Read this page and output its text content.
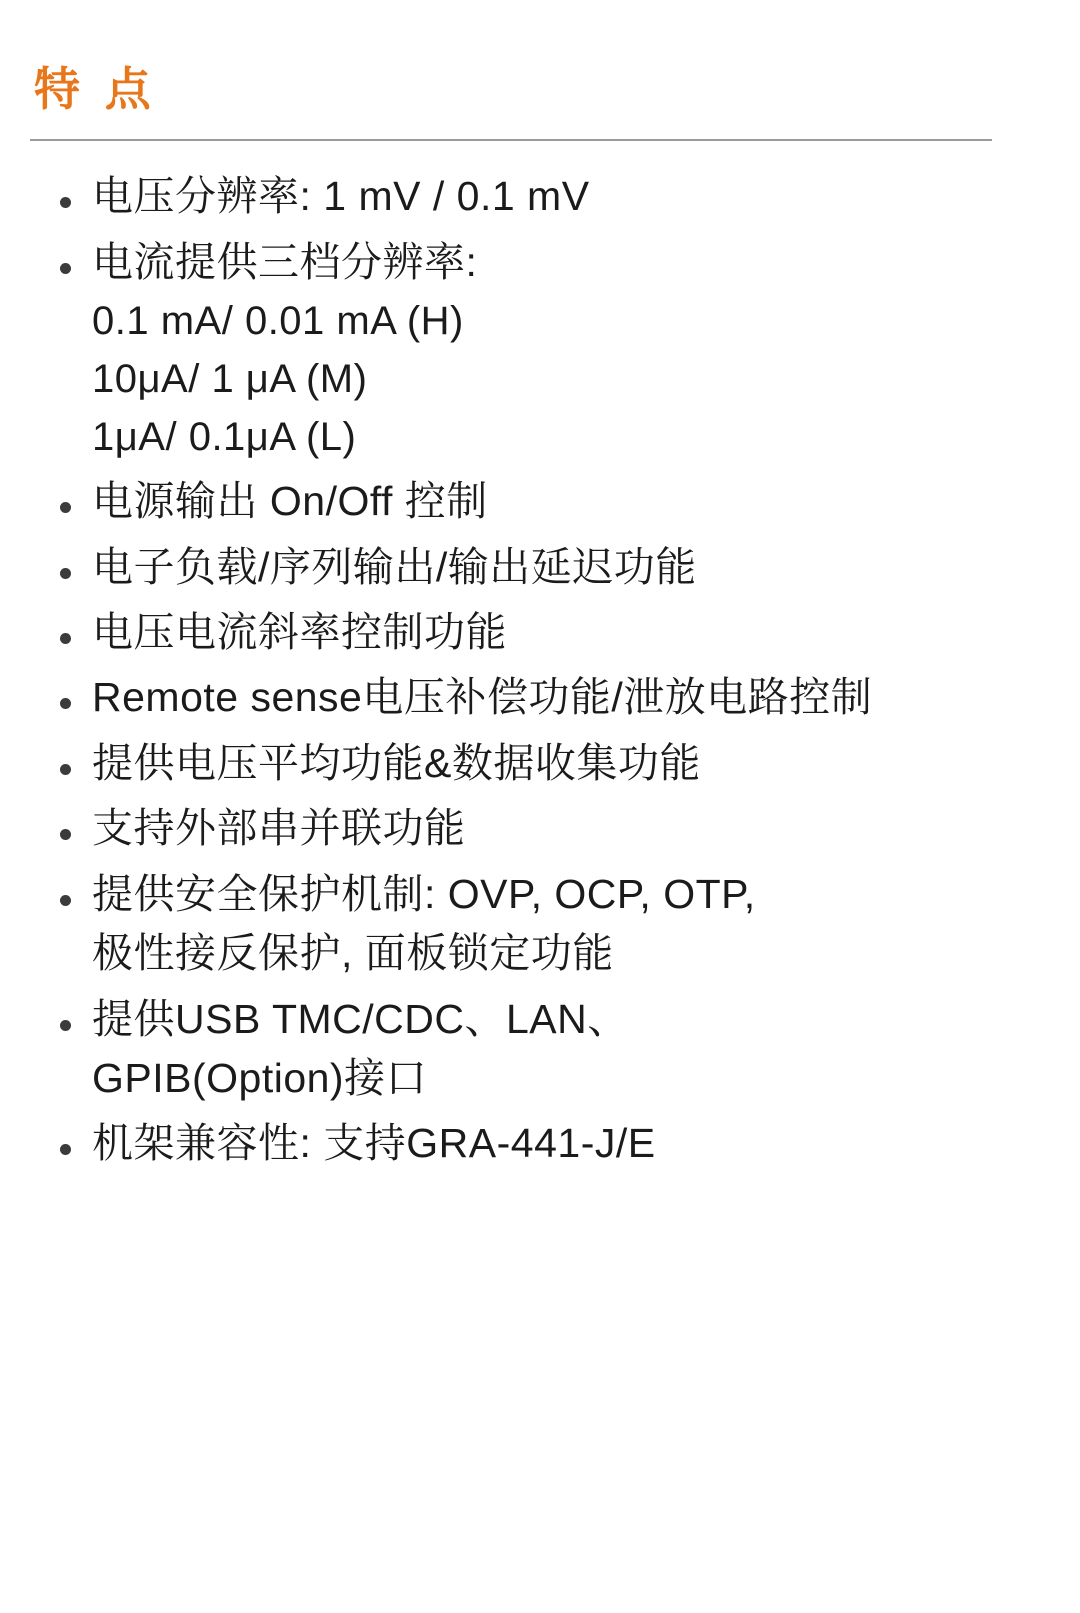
特 点
电压分辨率: 1 mV / 0.1 mV
电流提供三档分辨率:
0.1 mA/ 0.01 mA (H)
10μA/ 1 μA (M)
1μA/ 0.1μA (L)
电源输出 On/Off 控制
电子负载/序列输出/输出延迟功能
电压电流斜率控制功能
Remote sense电压补偿功能/泄放电路控制
提供电压平均功能&数据收集功能
支持外部串并联功能
提供安全保护机制: OVP, OCP, OTP,
极性接反保护, 面板锁定功能
提供USB TMC/CDC、LAN、
GPIB(Option)接口
机架兼容性: 支持GRA-441-J/E
